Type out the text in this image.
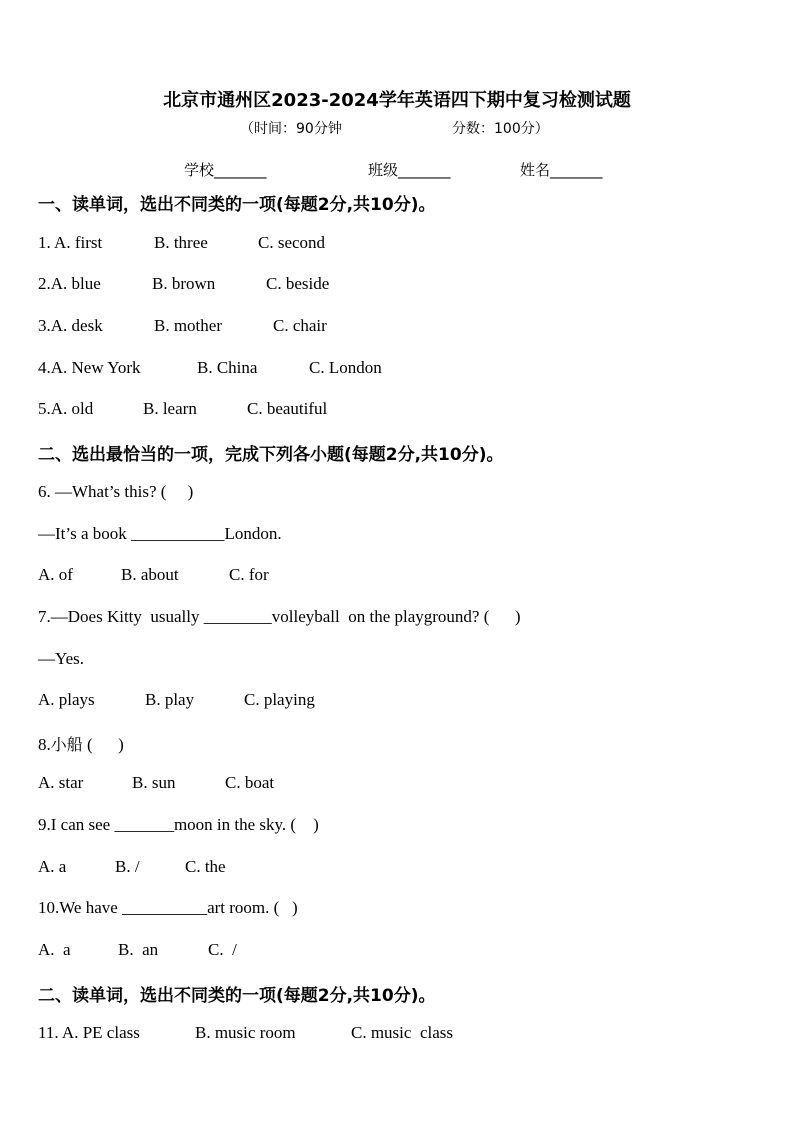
北京市通州区2023-2024学年英语四下期中复习检测试题
（时间：90分钟	分数：100分）
学校_______	班级_______	姓名_______
一、读单词，选出不同类的一项(每题2分,共10分)。
1. A. first	B. three	C. second
2.A. blue	B. brown	C. beside
3.A. desk	B. mother	C. chair
4.A. New York	B. China	C. London
5.A. old	B. learn	C. beautiful
二、选出最恰当的一项，完成下列各小题(每题2分,共10分)。
6. —What’s this? (     )
—It’s a book ___________London.
A. of	B. about	C. for
7.—Does Kitty  usually ________volleyball  on the playground? (      )
—Yes.
A. plays	B. play	C. playing
8.小船 (      )
A. star	B. sun	C. boat
9.I can see _______moon in the sky. (    )
A. a	B. /	C. the
10.We have __________art room. (   )
A.  a	B.  an	C.  /
二、读单词，选出不同类的一项(每题2分,共10分)。
11. A. PE class	B. music room	C. music  class
